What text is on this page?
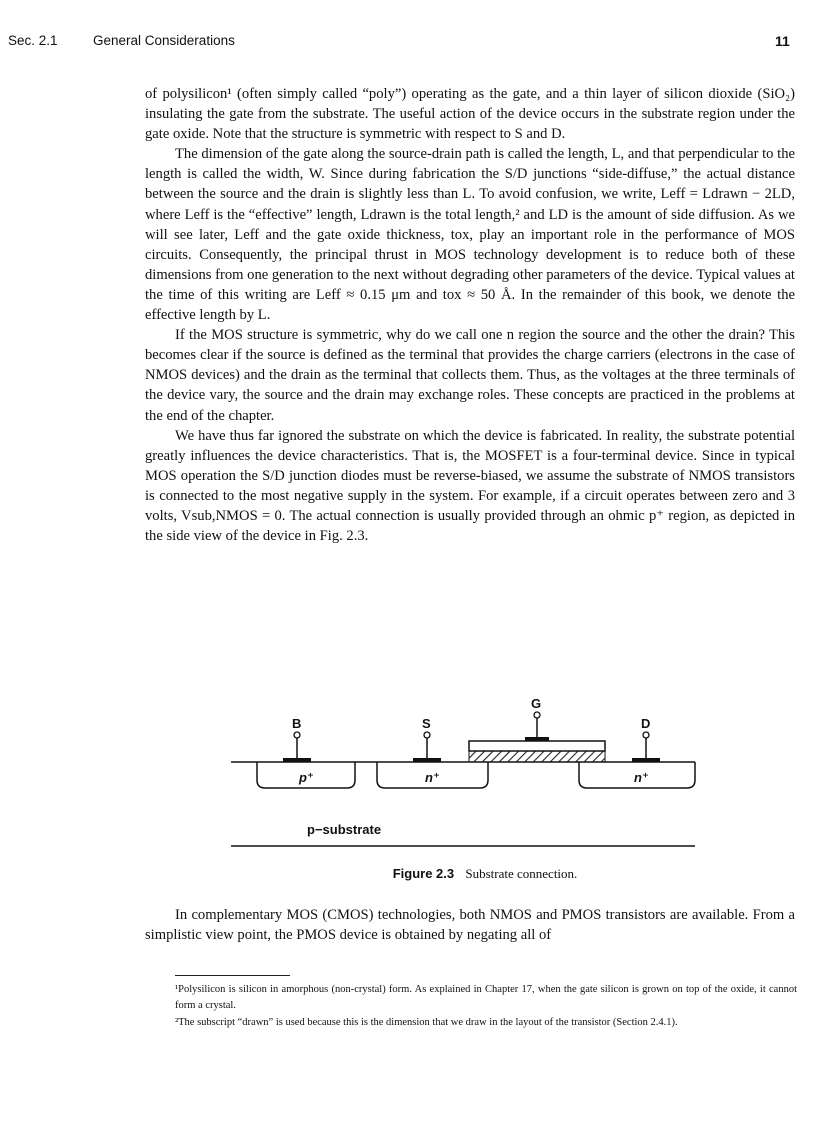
Sec. 2.1	General Considerations	11

of polysilicon¹ (often simply called “poly”) operating as the gate, and a thin layer of silicon dioxide (SiO₂) insulating the gate from the substrate. The useful action of the device occurs in the substrate region under the gate oxide. Note that the structure is symmetric with respect to S and D.

The dimension of the gate along the source-drain path is called the length, L, and that perpendicular to the length is called the width, W. Since during fabrication the S/D junctions “side-diffuse,” the actual distance between the source and the drain is slightly less than L. To avoid confusion, we write, Leff = Ldrawn − 2LD, where Leff is the “effective” length, Ldrawn is the total length,² and LD is the amount of side diffusion. As we will see later, Leff and the gate oxide thickness, tox, play an important role in the performance of MOS circuits. Consequently, the principal thrust in MOS technology development is to reduce both of these dimensions from one generation to the next without degrading other parameters of the device. Typical values at the time of this writing are Leff ≈ 0.15 μm and tox ≈ 50 Å. In the remainder of this book, we denote the effective length by L.

If the MOS structure is symmetric, why do we call one n region the source and the other the drain? This becomes clear if the source is defined as the terminal that provides the charge carriers (electrons in the case of NMOS devices) and the drain as the terminal that collects them. Thus, as the voltages at the three terminals of the device vary, the source and the drain may exchange roles. These concepts are practiced in the problems at the end of the chapter.

We have thus far ignored the substrate on which the device is fabricated. In reality, the substrate potential greatly influences the device characteristics. That is, the MOSFET is a four-terminal device. Since in typical MOS operation the S/D junction diodes must be reverse-biased, we assume the substrate of NMOS transistors is connected to the most negative supply in the system. For example, if a circuit operates between zero and 3 volts, Vsub,NMOS = 0. The actual connection is usually provided through an ohmic p⁺ region, as depicted in the side view of the device in Fig. 2.3.

B	S
G
D
p⁺	n⁺	n⁺
p−substrate
Figure 2.3 Substrate connection.

In complementary MOS (CMOS) technologies, both NMOS and PMOS transistors are available. From a simplistic view point, the PMOS device is obtained by negating all of

¹Polysilicon is silicon in amorphous (non-crystal) form. As explained in Chapter 17, when the gate silicon is grown on top of the oxide, it cannot form a crystal.

²The subscript “drawn” is used because this is the dimension that we draw in the layout of the transistor (Section 2.4.1).
